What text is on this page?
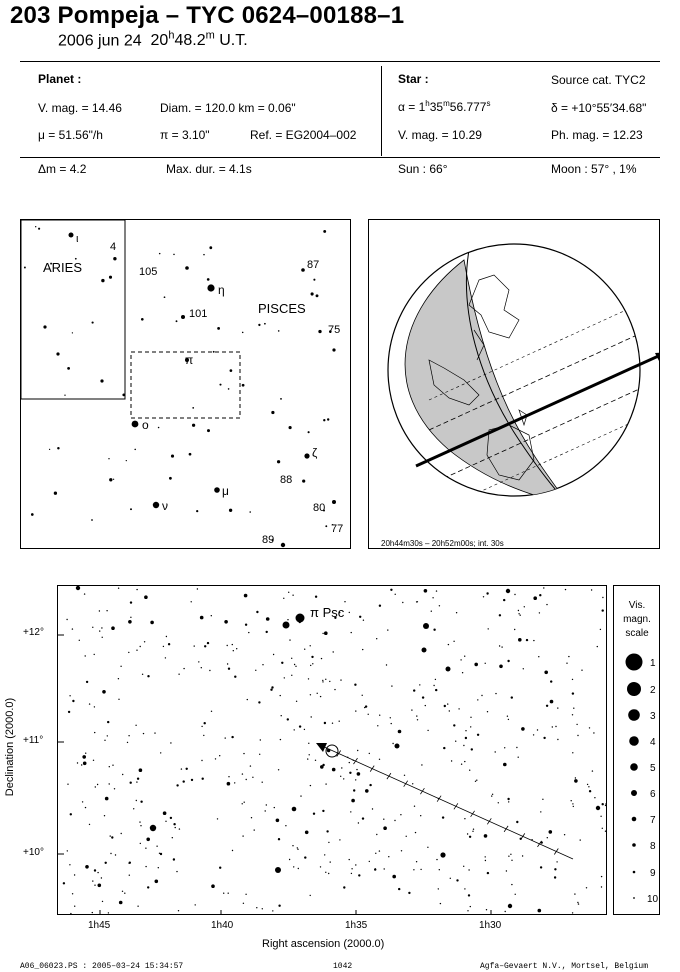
203 Pompeja – TYC 0624–00188–1
2006 jun 24 20$^h$48.2$^m$ U.T.
Planet :
V. mag. = 14.46	Diam. = 120.0 km = 0.06"
μ = 51.56"/h	π = 3.10"	Ref. = EG2004–002
Star :	Source cat. TYC2
$\alpha = 1^h35^m56.777^s$	δ = +10°55′34.68"
V. mag. = 10.29	Ph. mag. = 12.23
Δm = 4.2	Max. dur. = 4.1s	Sun : 66°	Moon : 57° , 1%
ARIES
PISCES
ι
4
105
87
η
101
75
π
o
ζ
88
μ
80
ν
77
89	20h44m30s – 20h52m00s; int. 30s
π Psc
+12°
+11°
+10°
1h45	1h40	1h35	1h30
Declination (2000.0)
Right ascension (2000.0)
Vis.
magn.
scale
1
2
3
4
5
6
7
8
9
10
A06_06023.PS : 2005–03–24 15:34:57	1042	Agfa–Gevaert N.V., Mortsel, Belgium
